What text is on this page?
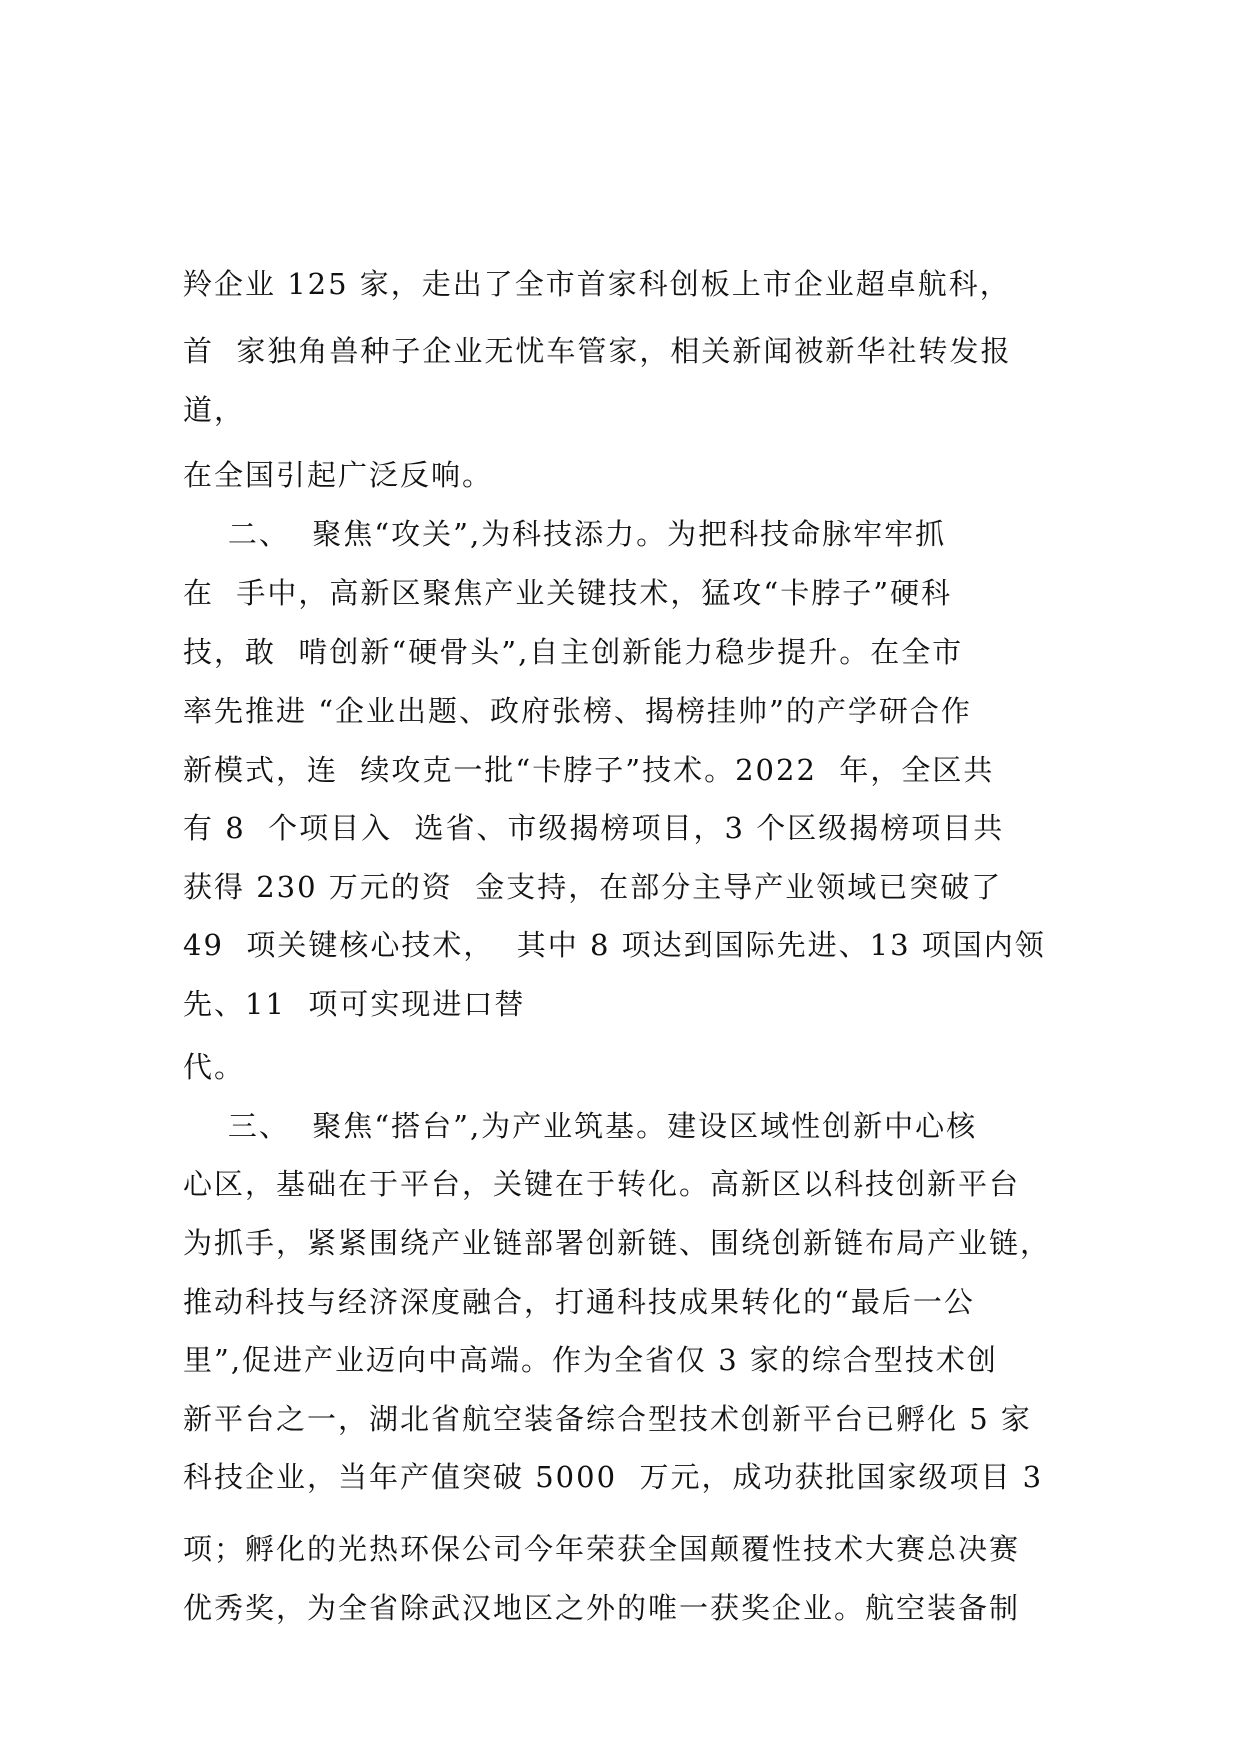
羚企业 125 家，走出了全市首家科创板上市企业超卓航科，

首  家独角兽种子企业无忧车管家，相关新闻被新华社转发报

道，

在全国引起广泛反响。

二、  聚焦“攻关”,为科技添力。为把科技命脉牢牢抓

在  手中，高新区聚焦产业关键技术，猛攻“卡脖子”硬科

技，敢  啃创新“硬骨头”,自主创新能力稳步提升。在全市

率先推进 “企业出题、政府张榜、揭榜挂帅”的产学研合作

新模式，连  续攻克一批“卡脖子”技术。2022  年，全区共

有 8  个项目入  选省、市级揭榜项目，3 个区级揭榜项目共

获得 230 万元的资  金支持，在部分主导产业领域已突破了

49  项关键核心技术，  其中 8 项达到国际先进、13 项国内领

先、11  项可实现进口替

代。

三、  聚焦“搭台”,为产业筑基。建设区域性创新中心核

心区，基础在于平台，关键在于转化。高新区以科技创新平台

为抓手，紧紧围绕产业链部署创新链、围绕创新链布局产业链，

推动科技与经济深度融合，打通科技成果转化的“最后一公

里”,促进产业迈向中高端。作为全省仅 3 家的综合型技术创

新平台之一，湖北省航空装备综合型技术创新平台已孵化 5 家

科技企业，当年产值突破 5000  万元，成功获批国家级项目 3

项；孵化的光热环保公司今年荣获全国颠覆性技术大赛总决赛

优秀奖，为全省除武汉地区之外的唯一获奖企业。航空装备制
